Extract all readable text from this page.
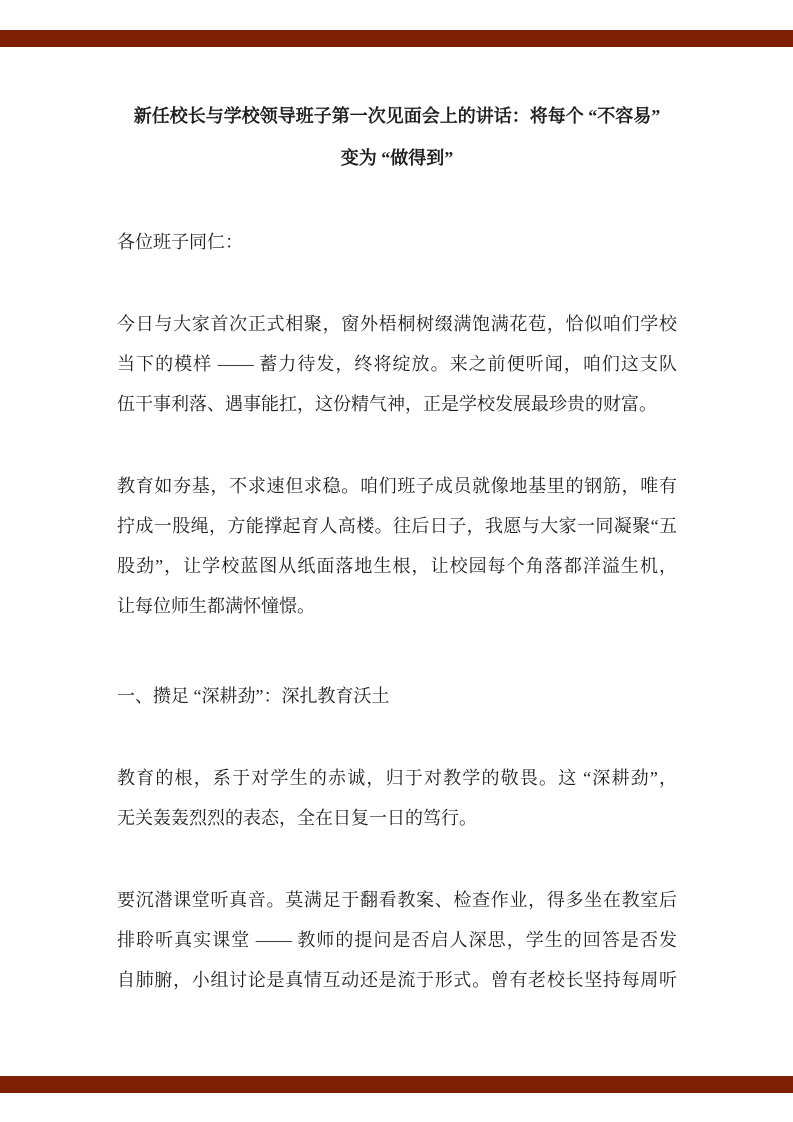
新任校长与学校领导班子第一次见面会上的讲话：将每个 “不容易”
变为 “做得到”
各位班子同仁：
今日与大家首次正式相聚，窗外梧桐树缀满饱满花苞，恰似咱们学校
当下的模样 —— 蓄力待发，终将绽放。来之前便听闻，咱们这支队
伍干事利落、遇事能扛，这份精气神，正是学校发展最珍贵的财富。
教育如夯基，不求速但求稳。咱们班子成员就像地基里的钢筋，唯有
拧成一股绳，方能撑起育人高楼。往后日子，我愿与大家一同凝聚“五
股劲”，让学校蓝图从纸面落地生根，让校园每个角落都洋溢生机，
让每位师生都满怀憧憬。
一、攒足 “深耕劲”：深扎教育沃土
教育的根，系于对学生的赤诚，归于对教学的敬畏。这 “深耕劲”，
无关轰轰烈烈的表态，全在日复一日的笃行。
要沉潜课堂听真音。莫满足于翻看教案、检查作业，得多坐在教室后
排聆听真实课堂 —— 教师的提问是否启人深思，学生的回答是否发
自肺腑，小组讨论是真情互动还是流于形式。曾有老校长坚持每周听
